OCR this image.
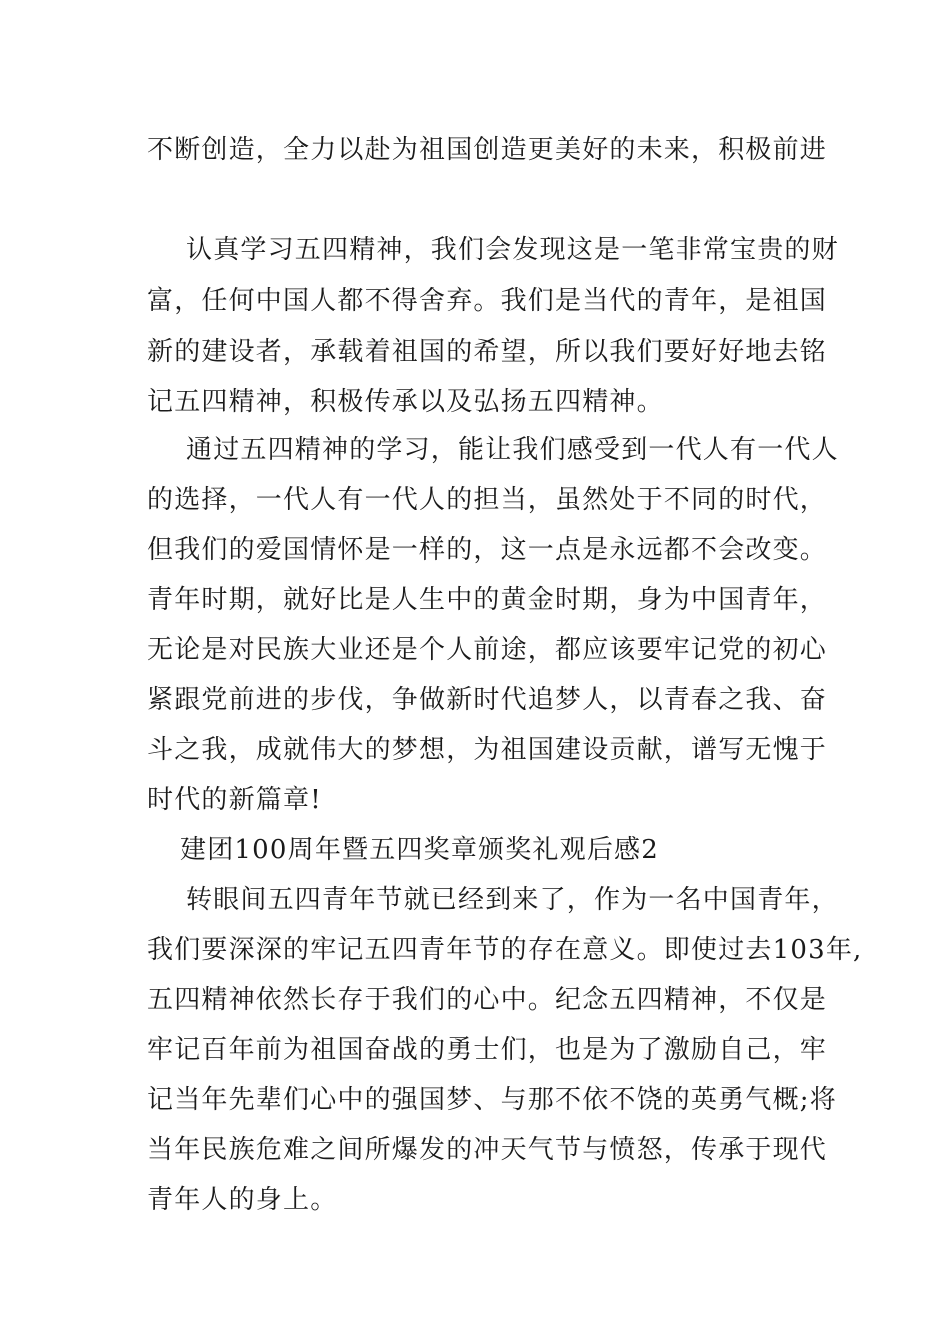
不断创造，全力以赴为祖国创造更美好的未来，积极前进
认真学习五四精神，我们会发现这是一笔非常宝贵的财
富，任何中国人都不得舍弃。我们是当代的青年，是祖国
新的建设者，承载着祖国的希望，所以我们要好好地去铭
记五四精神，积极传承以及弘扬五四精神。
通过五四精神的学习，能让我们感受到一代人有一代人
的选择，一代人有一代人的担当，虽然处于不同的时代，
但我们的爱国情怀是一样的，这一点是永远都不会改变。
青年时期，就好比是人生中的黄金时期，身为中国青年，
无论是对民族大业还是个人前途，都应该要牢记党的初心
紧跟党前进的步伐，争做新时代追梦人，以青春之我、奋
斗之我，成就伟大的梦想，为祖国建设贡献，谱写无愧于
时代的新篇章!
建团100周年暨五四奖章颁奖礼观后感2
转眼间五四青年节就已经到来了，作为一名中国青年，
我们要深深的牢记五四青年节的存在意义。即使过去103年,
五四精神依然长存于我们的心中。纪念五四精神，不仅是
牢记百年前为祖国奋战的勇士们，也是为了激励自己，牢
记当年先辈们心中的强国梦、与那不依不饶的英勇气概;将
当年民族危难之间所爆发的冲天气节与愤怒，传承于现代
青年人的身上。
